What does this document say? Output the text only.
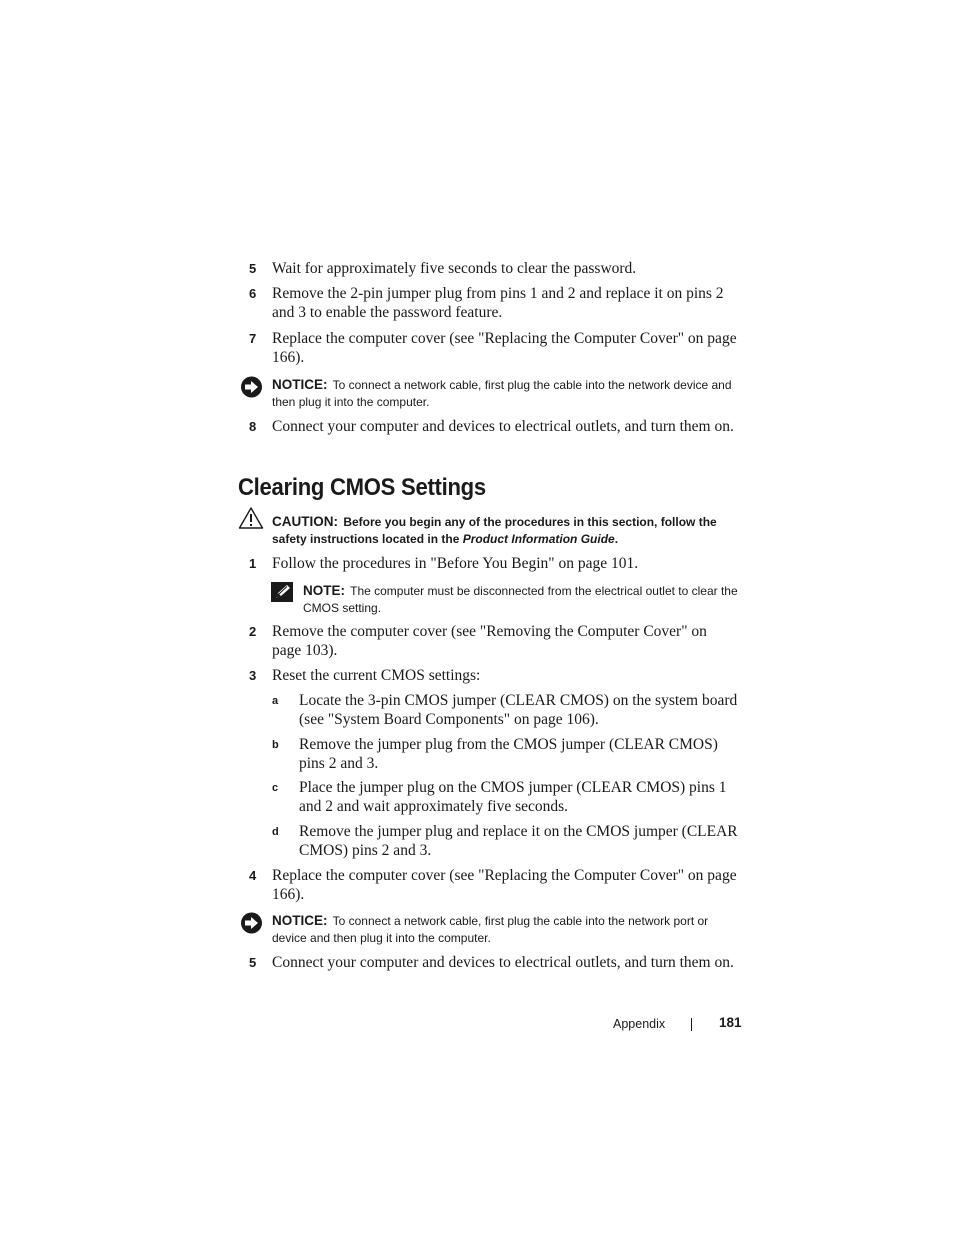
5 Wait for approximately five seconds to clear the password.
6 Remove the 2-pin jumper plug from pins 1 and 2 and replace it on pins 2 and 3 to enable the password feature.
7 Replace the computer cover (see "Replacing the Computer Cover" on page 166).
NOTICE: To connect a network cable, first plug the cable into the network device and then plug it into the computer.
8 Connect your computer and devices to electrical outlets, and turn them on.
Clearing CMOS Settings
CAUTION: Before you begin any of the procedures in this section, follow the safety instructions located in the Product Information Guide.
1 Follow the procedures in "Before You Begin" on page 101.
NOTE: The computer must be disconnected from the electrical outlet to clear the CMOS setting.
2 Remove the computer cover (see "Removing the Computer Cover" on page 103).
3 Reset the current CMOS settings:
a Locate the 3-pin CMOS jumper (CLEAR CMOS) on the system board (see "System Board Components" on page 106).
b Remove the jumper plug from the CMOS jumper (CLEAR CMOS) pins 2 and 3.
c Place the jumper plug on the CMOS jumper (CLEAR CMOS) pins 1 and 2 and wait approximately five seconds.
d Remove the jumper plug and replace it on the CMOS jumper (CLEAR CMOS) pins 2 and 3.
4 Replace the computer cover (see "Replacing the Computer Cover" on page 166).
NOTICE: To connect a network cable, first plug the cable into the network port or device and then plug it into the computer.
5 Connect your computer and devices to electrical outlets, and turn them on.
Appendix	181
